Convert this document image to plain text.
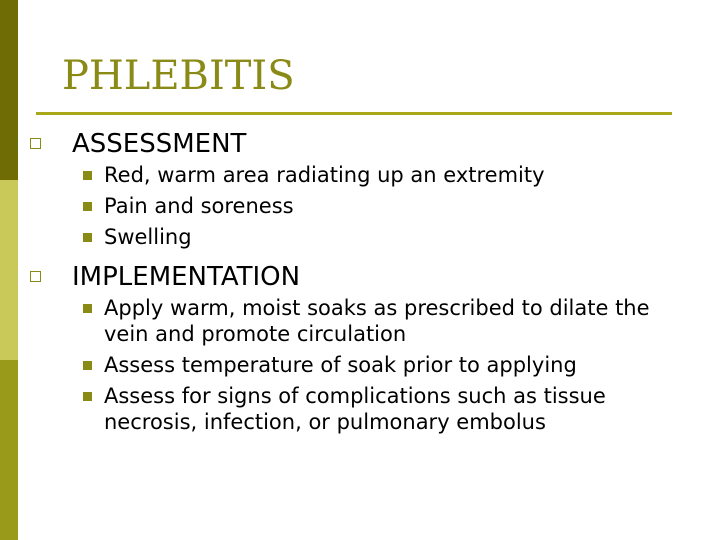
PHLEBITIS
ASSESSMENT
Red, warm area radiating up an extremity
Pain and soreness
Swelling
IMPLEMENTATION
Apply warm, moist soaks as prescribed to dilate the vein and promote circulation
Assess temperature of soak prior to applying
Assess for signs of complications such as tissue necrosis, infection, or pulmonary embolus
